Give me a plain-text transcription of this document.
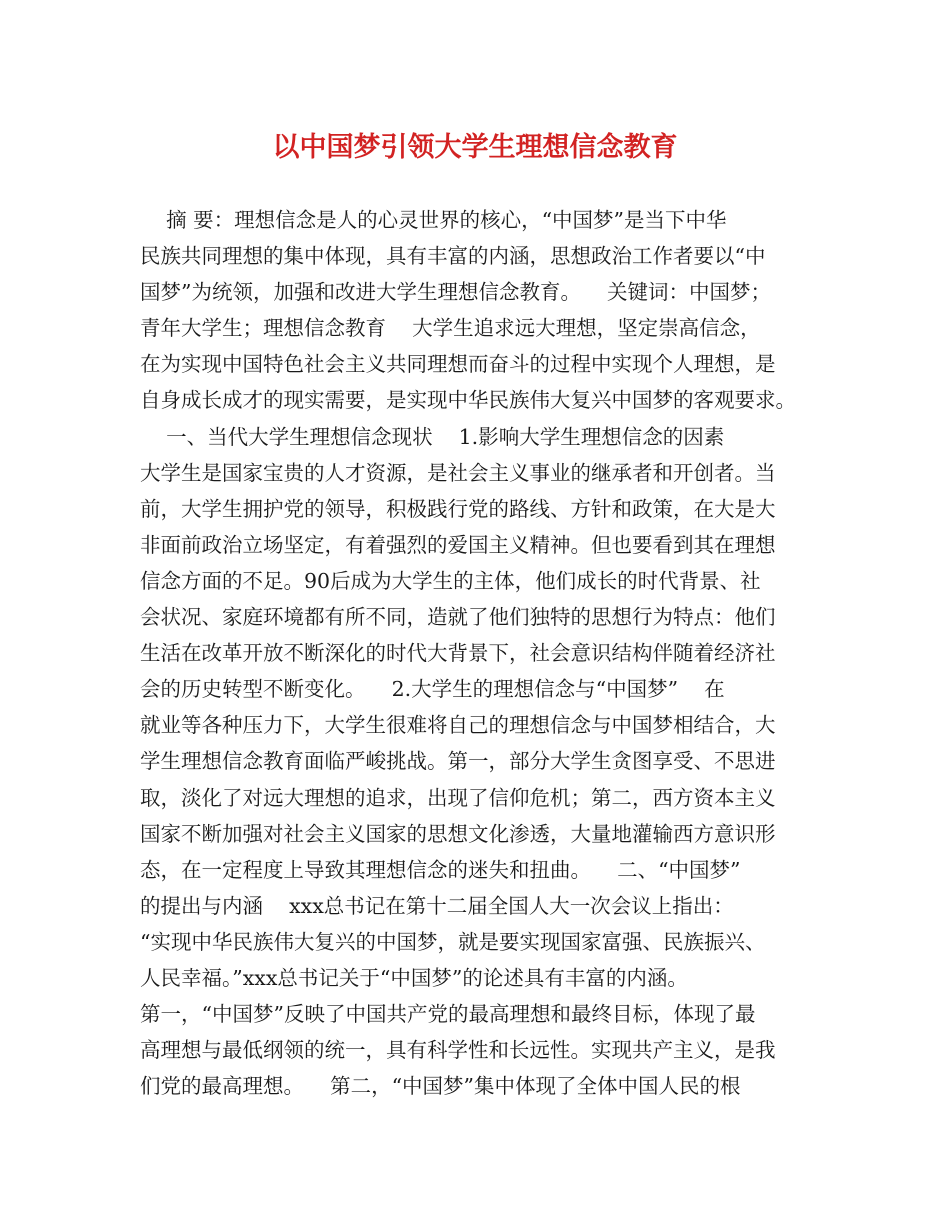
以中国梦引领大学生理想信念教育
摘 要：理想信念是人的心灵世界的核心，“中国梦”是当下中华
民族共同理想的集中体现，具有丰富的内涵，思想政治工作者要以“中
国梦”为统领，加强和改进大学生理想信念教育。    关键词：中国梦；
青年大学生；理想信念教育    大学生追求远大理想，坚定崇高信念，
在为实现中国特色社会主义共同理想而奋斗的过程中实现个人理想，是
自身成长成才的现实需要，是实现中华民族伟大复兴中国梦的客观要求。
一、当代大学生理想信念现状    1.影响大学生理想信念的因素
大学生是国家宝贵的人才资源，是社会主义事业的继承者和开创者。当
前，大学生拥护党的领导，积极践行党的路线、方针和政策，在大是大
非面前政治立场坚定，有着强烈的爱国主义精神。但也要看到其在理想
信念方面的不足。90后成为大学生的主体，他们成长的时代背景、社
会状况、家庭环境都有所不同，造就了他们独特的思想行为特点：他们
生活在改革开放不断深化的时代大背景下，社会意识结构伴随着经济社
会的历史转型不断变化。    2.大学生的理想信念与“中国梦”    在
就业等各种压力下，大学生很难将自己的理想信念与中国梦相结合，大
学生理想信念教育面临严峻挑战。第一，部分大学生贪图享受、不思进
取，淡化了对远大理想的追求，出现了信仰危机；第二，西方资本主义
国家不断加强对社会主义国家的思想文化渗透，大量地灌输西方意识形
态，在一定程度上导致其理想信念的迷失和扭曲。    二、“中国梦”
的提出与内涵    xxx总书记在第十二届全国人大一次会议上指出：
“实现中华民族伟大复兴的中国梦，就是要实现国家富强、民族振兴、
人民幸福。”xxx总书记关于“中国梦”的论述具有丰富的内涵。
第一，“中国梦”反映了中国共产党的最高理想和最终目标，体现了最
高理想与最低纲领的统一，具有科学性和长远性。实现共产主义，是我
们党的最高理想。    第二，“中国梦”集中体现了全体中国人民的根
